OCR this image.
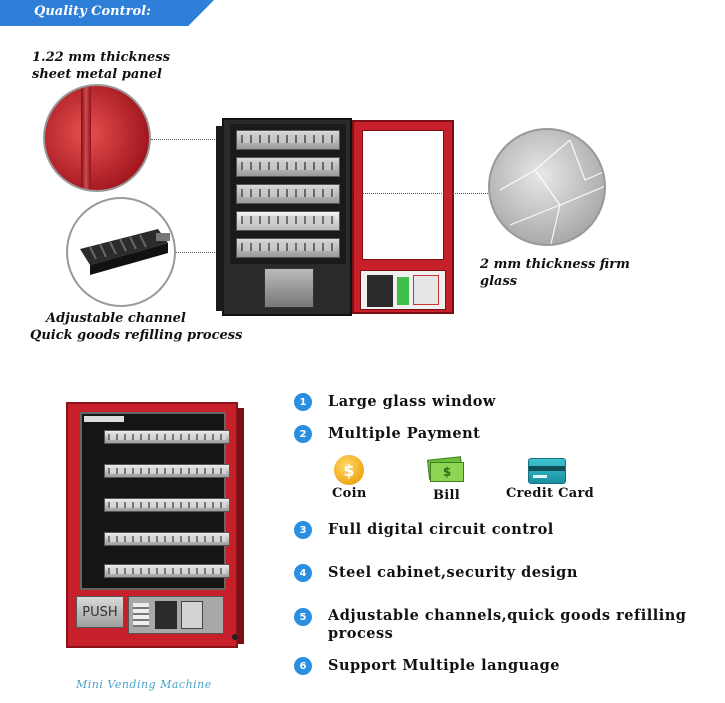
Quality Control:
1.22 mm thickness
sheet metal panel
Adjustable channel
Quick goods refilling process
2 mm thickness firm
glass
PUSH
Mini Vending Machine
1	Large glass window
2	Multiple Payment
3	Full digital circuit control
4	Steel cabinet,security design
5	Adjustable channels,quick goods refilling process
6	Support Multiple language
$
Coin
$
Bill	Credit Card
